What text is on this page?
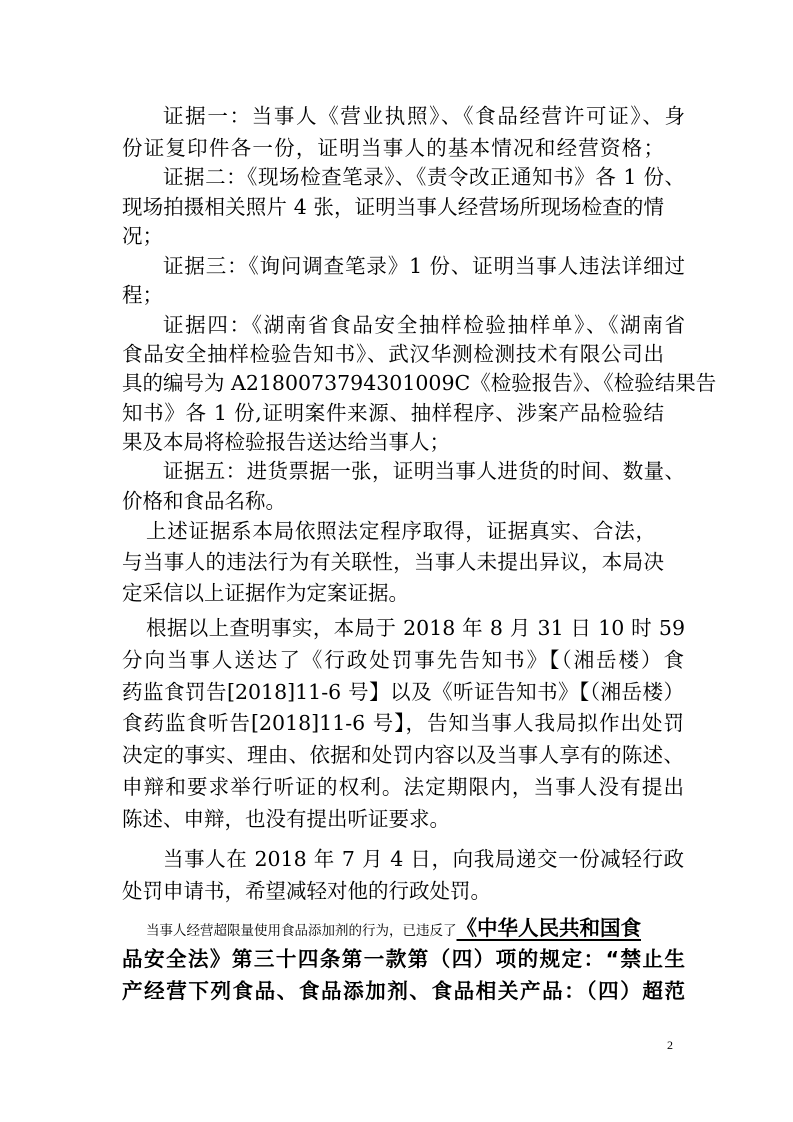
证据一：当事人《营业执照》、《食品经营许可证》、身
份证复印件各一份，证明当事人的基本情况和经营资格；
证据二：《现场检查笔录》、《责令改正通知书》各 1 份、
现场拍摄相关照片 4 张，证明当事人经营场所现场检查的情
况；
证据三：《询问调查笔录》1 份、证明当事人违法详细过
程；
证据四：《湖南省食品安全抽样检验抽样单》、《湖南省
食品安全抽样检验告知书》、武汉华测检测技术有限公司出
具的编号为 A2180073794301009C《检验报告》、《检验结果告
知书》各 1 份,证明案件来源、抽样程序、涉案产品检验结
果及本局将检验报告送达给当事人；
证据五：进货票据一张，证明当事人进货的时间、数量、
价格和食品名称。
上述证据系本局依照法定程序取得，证据真实、合法，
与当事人的违法行为有关联性，当事人未提出异议，本局决
定采信以上证据作为定案证据。
根据以上查明事实，本局于 2018 年 8 月 31 日 10 时 59
分向当事人送达了《行政处罚事先告知书》【（湘岳楼）食
药监食罚告[2018]11-6 号】以及《听证告知书》【（湘岳楼）
食药监食听告[2018]11-6 号】，告知当事人我局拟作出处罚
决定的事实、理由、依据和处罚内容以及当事人享有的陈述、
申辩和要求举行听证的权利。法定期限内，当事人没有提出
陈述、申辩，也没有提出听证要求。
当事人在 2018 年 7 月 4 日，向我局递交一份减轻行政
处罚申请书，希望减轻对他的行政处罚。
当事人经营超限量使用食品添加剂的行为，已违反了《中华人民共和国食
品安全法》第三十四条第一款第（四）项的规定：“禁止生
产经营下列食品、食品添加剂、食品相关产品：（四）超范
2
